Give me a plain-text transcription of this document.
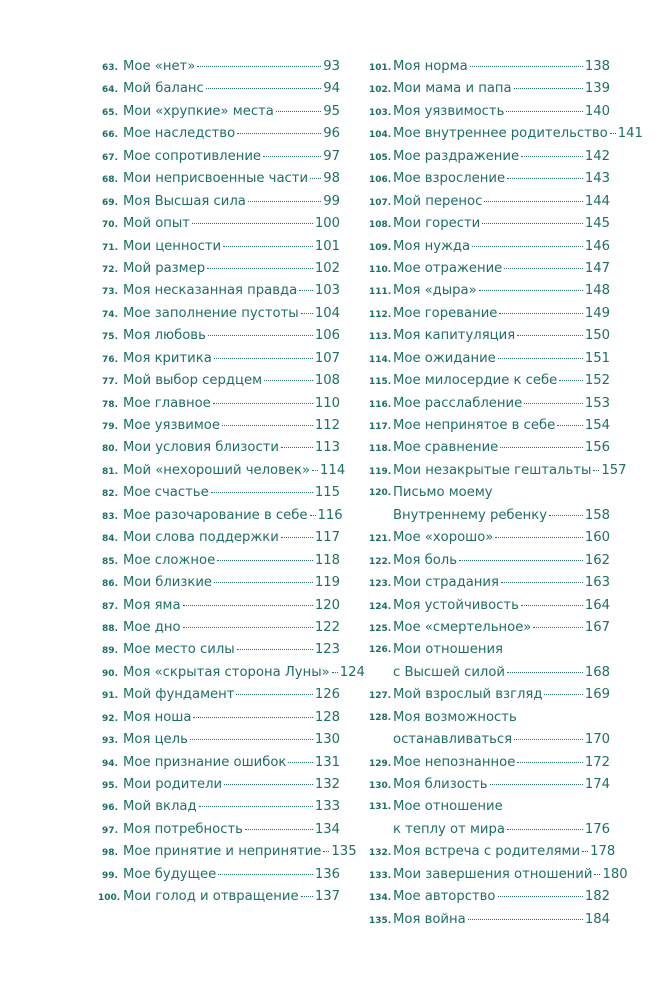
63. Мое «нет»	93
64. Мой баланс	94
65. Мои «хрупкие» места	95
66. Мое наследство	96
67. Мое сопротивление	97
68. Мои неприсвоенные части 98
69. Моя Высшая сила	99
70. Мой опыт	100
71. Мои ценности	101
72. Мой размер	102
73. Моя несказанная правда 103
74. Мое заполнение пустоты 104
75. Моя любовь	106
76. Моя критика	107
77. Мой выбор сердцем	108
78. Мое главное	110
79. Мое уязвимое	112
80. Мои условия близости	113
81. Мой «нехороший человек» 114
82. Мое счастье	115
83. Мое разочарование в себе 116
84. Мои слова поддержки	117
85. Мое сложное	118
86. Мои близкие	119
87. Моя яма	120
88. Мое дно	122
89. Мое место силы	123
90. Моя «скрытая сторона Луны» 124
91. Мой фундамент	126
92. Моя ноша	128
93. Моя цель	130
94. Мое признание ошибок 131
95. Мои родители	132
96. Мой вклад	133
97. Моя потребность	134
98. Мое принятие и непринятие 135
99. Мое будущее	136
100. Мои голод и отвращение 137
101. Моя норма	138
102. Мои мама и папа	139
103. Моя уязвимость	140
104. Мое внутреннее родительство 141
105. Мое раздражение	142
106. Мое взросление	143
107. Мой перенос	144
108. Мои горести	145
109. Моя нужда	146
110. Мое отражение	147
111. Моя «дыра»	148
112. Мое горевание	149
113. Моя капитуляция	150
114. Мое ожидание	151
115. Мое милосердие к себе 152
116. Мое расслабление	153
117. Мое непринятое в себе 154
118. Мое сравнение	156
119. Мои незакрытые гештальты 157
120. Письмо моему
Внутреннему ребенку	158
121. Мое «хорошо»	160
122. Моя боль	162
123. Мои страдания	163
124. Моя устойчивость	164
125. Мое «смертельное»	167
126. Мои отношения
с Высшей силой	168
127. Мой взрослый взгляд	169
128. Моя возможность
останавливаться	170
129. Мое непознанное	172
130. Моя близость	174
131. Мое отношение
к теплу от мира	176
132. Моя встреча с родителями 178
133. Мои завершения отношений 180
134. Мое авторство	182
135. Моя война	184
